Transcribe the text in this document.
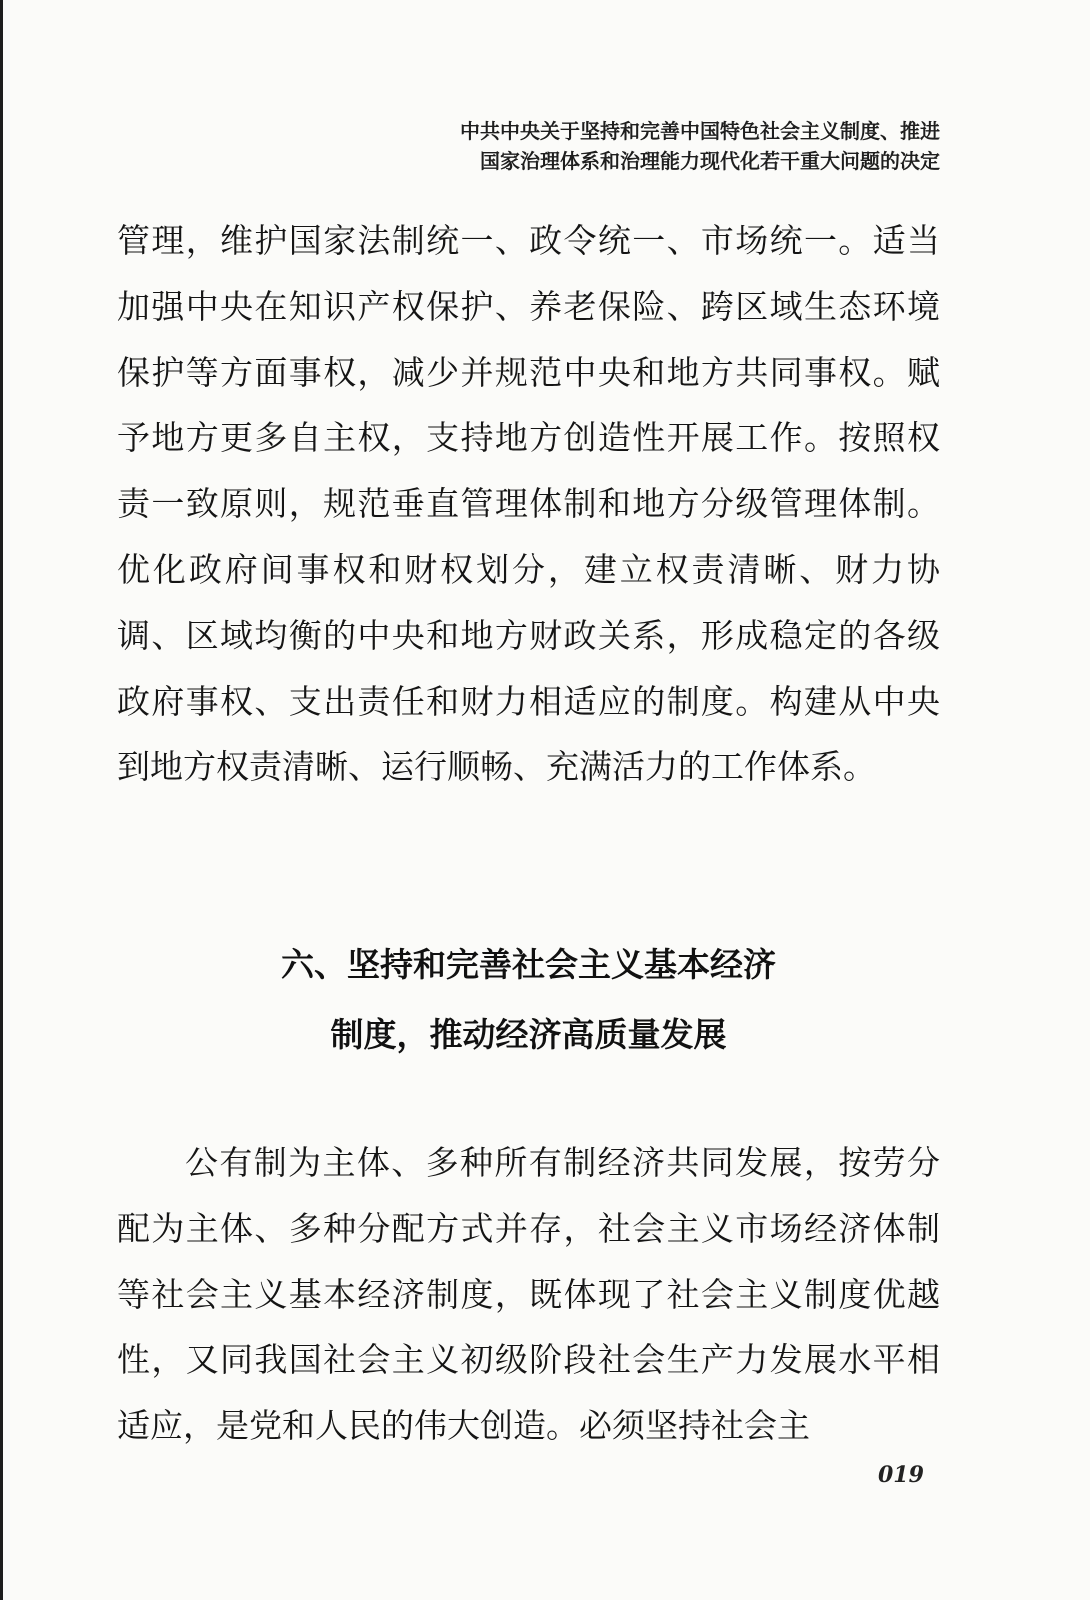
中共中央关于坚持和完善中国特色社会主义制度、推进
国家治理体系和治理能力现代化若干重大问题的决定

管理，维护国家法制统一、政令统一、市场统一。适当加强中央在知识产权保护、养老保险、跨区域生态环境保护等方面事权，减少并规范中央和地方共同事权。赋予地方更多自主权，支持地方创造性开展工作。按照权责一致原则，规范垂直管理体制和地方分级管理体制。优化政府间事权和财权划分，建立权责清晰、财力协调、区域均衡的中央和地方财政关系，形成稳定的各级政府事权、支出责任和财力相适应的制度。构建从中央到地方权责清晰、运行顺畅、充满活力的工作体系。

六、坚持和完善社会主义基本经济
制度，推动经济高质量发展

公有制为主体、多种所有制经济共同发展，按劳分配为主体、多种分配方式并存，社会主义市场经济体制等社会主义基本经济制度，既体现了社会主义制度优越性，又同我国社会主义初级阶段社会生产力发展水平相适应，是党和人民的伟大创造。必须坚持社会主

019
